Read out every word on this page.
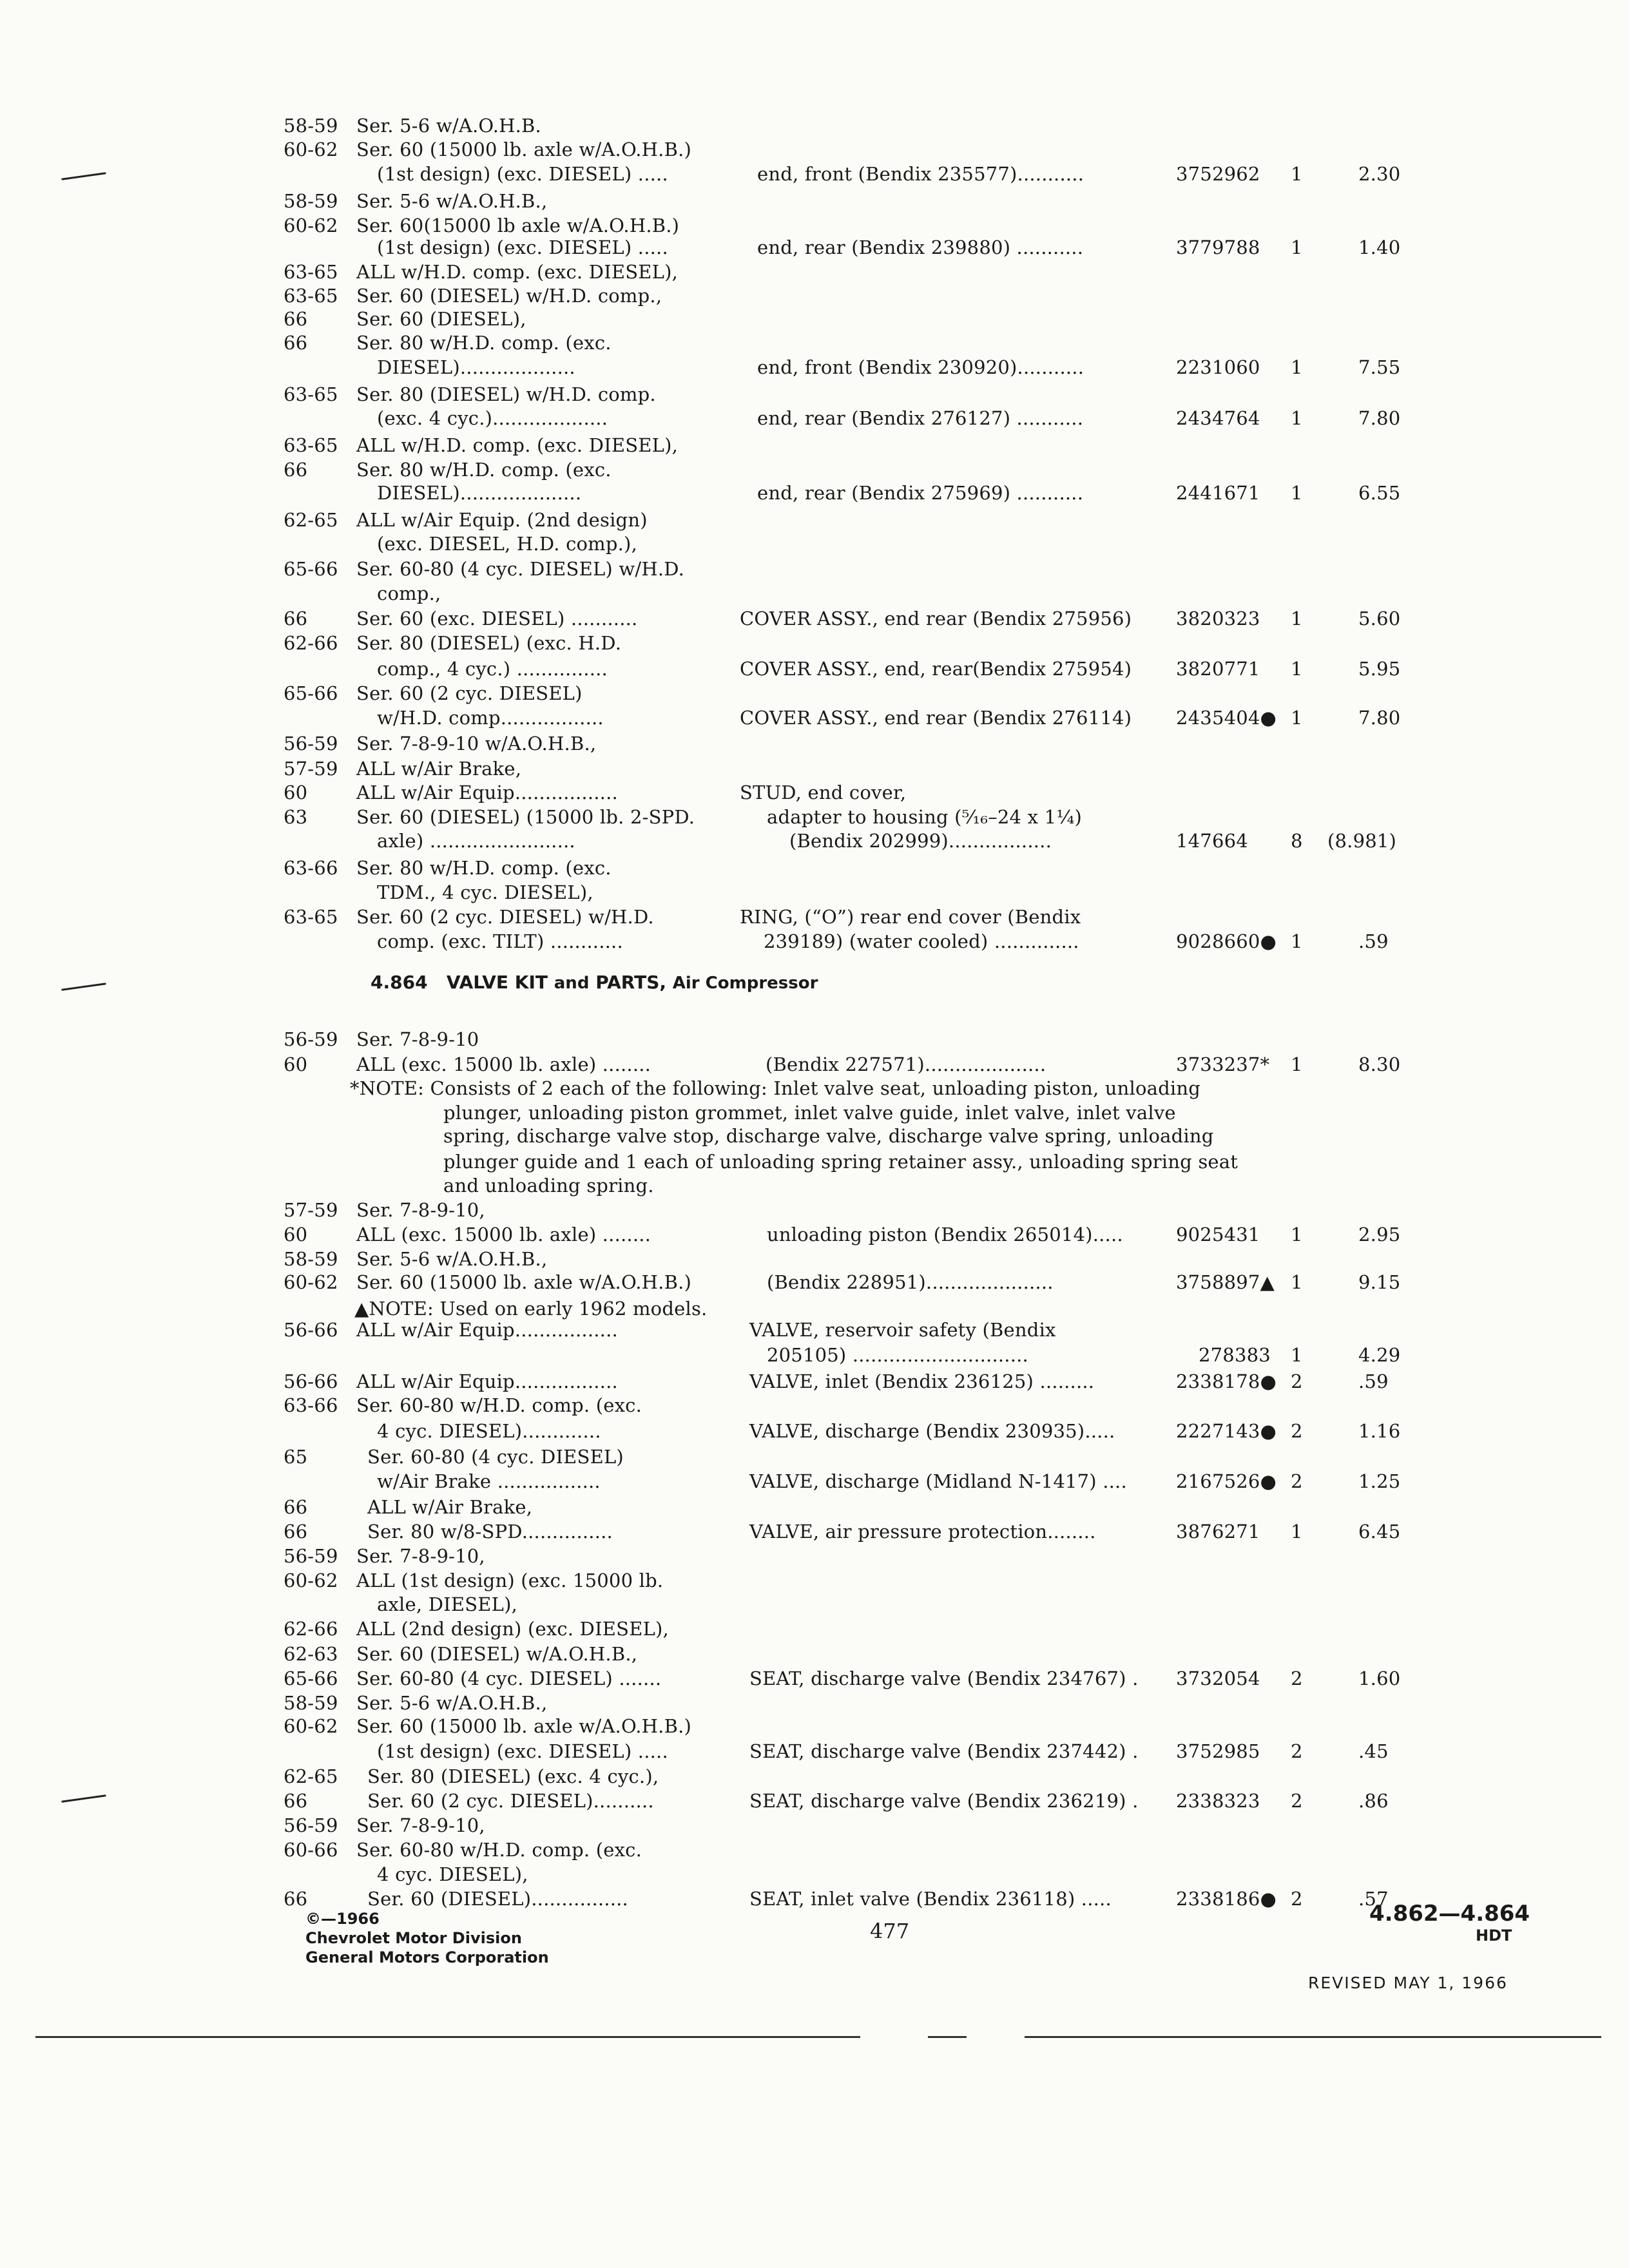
58-59 Ser. 5-6 w/A.O.H.B.
60-62 Ser. 60 (15000 lb. axle w/A.O.H.B.)
(1st design) (exc. DIESEL) .....	end, front (Bendix 235577)...........	3752962 1	2.30
58-59 Ser. 5-6 w/A.O.H.B.,
60-62 Ser. 60(15000 lb axle w/A.O.H.B.)
(1st design) (exc. DIESEL) .....	end, rear (Bendix 239880) ...........	3779788 1	1.40
63-65 ALL w/H.D. comp. (exc. DIESEL),
63-65 Ser. 60 (DIESEL) w/H.D. comp.,
66	Ser. 60 (DIESEL),
66	Ser. 80 w/H.D. comp. (exc.
DIESEL)...................	end, front (Bendix 230920)...........	2231060 1	7.55
63-65 Ser. 80 (DIESEL) w/H.D. comp.
(exc. 4 cyc.)...................	end, rear (Bendix 276127) ...........	2434764 1	7.80
63-65 ALL w/H.D. comp. (exc. DIESEL),
66	Ser. 80 w/H.D. comp. (exc.
DIESEL)....................	end, rear (Bendix 275969) ...........	2441671 1	6.55
62-65 ALL w/Air Equip. (2nd design)
(exc. DIESEL, H.D. comp.),
65-66 Ser. 60-80 (4 cyc. DIESEL) w/H.D.
comp.,
66	Ser. 60 (exc. DIESEL) ...........	COVER ASSY., end rear (Bendix 275956) 3820323 1	5.60
62-66 Ser. 80 (DIESEL) (exc. H.D.
comp., 4 cyc.) ...............	COVER ASSY., end, rear(Bendix 275954) 3820771 1	5.95
65-66 Ser. 60 (2 cyc. DIESEL)
w/H.D. comp.................	COVER ASSY., end rear (Bendix 276114) 2435404● 1	7.80
56-59 Ser. 7-8-9-10 w/A.O.H.B.,
57-59 ALL w/Air Brake,
60	ALL w/Air Equip.................	STUD, end cover,
63	Ser. 60 (DIESEL) (15000 lb. 2-SPD.	adapter to housing (⁵⁄₁₆–24 x 1¼)
axle) ........................	(Bendix 202999).................	147664 8 (8.981)
63-66 Ser. 80 w/H.D. comp. (exc.
TDM., 4 cyc. DIESEL),
63-65 Ser. 60 (2 cyc. DIESEL) w/H.D.	RING, (“O”) rear end cover (Bendix
comp. (exc. TILT) ............	239189) (water cooled) ..............	9028660● 1	.59
56-59 Ser. 7-8-9-10
60	ALL (exc. 15000 lb. axle) ........	(Bendix 227571)....................	3733237* 1	8.30
*NOTE: Consists of 2 each of the following: Inlet valve seat, unloading piston, unloading
plunger, unloading piston grommet, inlet valve guide, inlet valve, inlet valve
spring, discharge valve stop, discharge valve, discharge valve spring, unloading
plunger guide and 1 each of unloading spring retainer assy., unloading spring seat
and unloading spring.
57-59 Ser. 7-8-9-10,
60	ALL (exc. 15000 lb. axle) ........	unloading piston (Bendix 265014).....	9025431 1	2.95
58-59 Ser. 5-6 w/A.O.H.B.,
60-62 Ser. 60 (15000 lb. axle w/A.O.H.B.)	(Bendix 228951).....................	3758897▲ 1	9.15
▲NOTE: Used on early 1962 models.
56-66 ALL w/Air Equip.................	VALVE, reservoir safety (Bendix
205105) .............................	278383 1	4.29
56-66 ALL w/Air Equip.................	VALVE, inlet (Bendix 236125) .........	2338178● 2	.59
63-66 Ser. 60-80 w/H.D. comp. (exc.
4 cyc. DIESEL).............	VALVE, discharge (Bendix 230935).....	2227143● 2	1.16
65	Ser. 60-80 (4 cyc. DIESEL)
w/Air Brake .................	VALVE, discharge (Midland N-1417) ....	2167526● 2	1.25
66	ALL w/Air Brake,
66	Ser. 80 w/8-SPD...............	VALVE, air pressure protection........	3876271 1	6.45
56-59 Ser. 7-8-9-10,
60-62 ALL (1st design) (exc. 15000 lb.
axle, DIESEL),
62-66 ALL (2nd design) (exc. DIESEL),
62-63 Ser. 60 (DIESEL) w/A.O.H.B.,
65-66 Ser. 60-80 (4 cyc. DIESEL) .......	SEAT, discharge valve (Bendix 234767) . 3732054 2	1.60
58-59 Ser. 5-6 w/A.O.H.B.,
60-62 Ser. 60 (15000 lb. axle w/A.O.H.B.)
(1st design) (exc. DIESEL) .....	SEAT, discharge valve (Bendix 237442) . 3752985 2	.45
62-65 Ser. 80 (DIESEL) (exc. 4 cyc.),
66	Ser. 60 (2 cyc. DIESEL)..........	SEAT, discharge valve (Bendix 236219) . 2338323 2	.86
56-59 Ser. 7-8-9-10,
60-66 Ser. 60-80 w/H.D. comp. (exc.
4 cyc. DIESEL),
66	Ser. 60 (DIESEL)................	SEAT, inlet valve (Bendix 236118) .....	2338186● 2	.57
4.864 VALVE KIT and PARTS, Air Compressor
©—1966
Chevrolet Motor Division
General Motors Corporation
477
4.862—4.864
HDT
REVISED MAY 1, 1966
